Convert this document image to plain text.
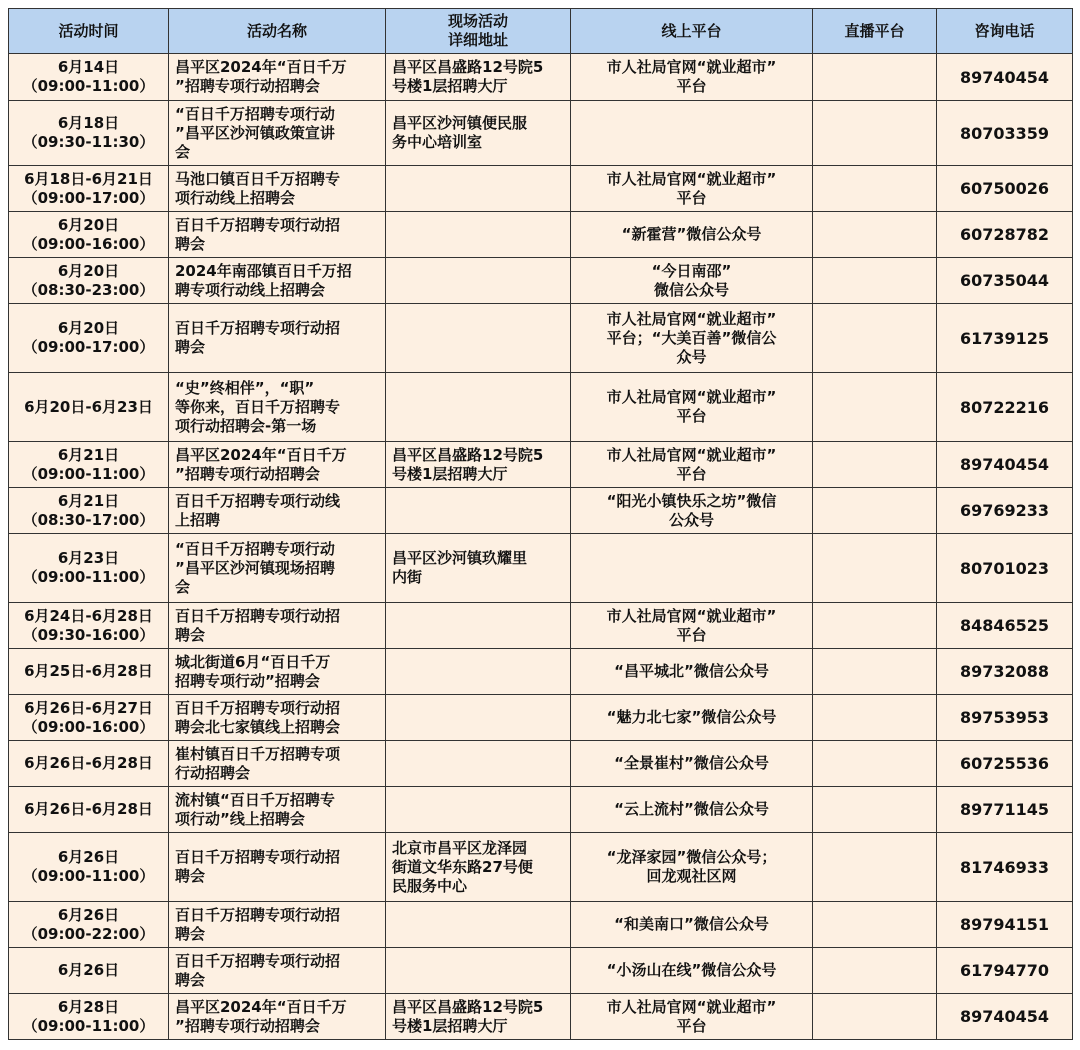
活动时间	活动名称	现场活动
详细地址	线上平台	直播平台	咨询电话

6月14日
（09:00-11:00）	昌平区2024年“百日千万
”招聘专项行动招聘会	昌平区昌盛路12号院5
号楼1层招聘大厅	市人社局官网“就业超市”
平台		89740454

6月18日
（09:30-11:30）	“百日千万招聘专项行动
”昌平区沙河镇政策宣讲
会	昌平区沙河镇便民服
务中心培训室			80703359

6月18日-6月21日
（09:00-17:00）	马池口镇百日千万招聘专
项行动线上招聘会		市人社局官网“就业超市”
平台		60750026

6月20日
（09:00-16:00）	百日千万招聘专项行动招
聘会		“新霍营”微信公众号		60728782

6月20日
（08:30-23:00）	2024年南邵镇百日千万招
聘专项行动线上招聘会		“今日南邵”
微信公众号		60735044

6月20日
（09:00-17:00）	百日千万招聘专项行动招
聘会		市人社局官网“就业超市”
平台；“大美百善”微信公
众号		61739125

6月20日-6月23日	“史”终相伴”，“职”
等你来，百日千万招聘专
项行动招聘会-第一场		市人社局官网“就业超市”
平台		80722216

6月21日
（09:00-11:00）	昌平区2024年“百日千万
”招聘专项行动招聘会	昌平区昌盛路12号院5
号楼1层招聘大厅	市人社局官网“就业超市”
平台		89740454

6月21日
（08:30-17:00）	百日千万招聘专项行动线
上招聘		“阳光小镇快乐之坊”微信
公众号		69769233

6月23日
（09:00-11:00）	“百日千万招聘专项行动
”昌平区沙河镇现场招聘
会	昌平区沙河镇玖耀里
内街			80701023

6月24日-6月28日
（09:30-16:00）	百日千万招聘专项行动招
聘会		市人社局官网“就业超市”
平台		84846525

6月25日-6月28日	城北街道6月“百日千万
招聘专项行动”招聘会		“昌平城北”微信公众号		89732088

6月26日-6月27日
（09:00-16:00）	百日千万招聘专项行动招
聘会北七家镇线上招聘会		“魅力北七家”微信公众号		89753953

6月26日-6月28日	崔村镇百日千万招聘专项
行动招聘会		“全景崔村”微信公众号		60725536

6月26日-6月28日	流村镇“百日千万招聘专
项行动”线上招聘会		“云上流村”微信公众号		89771145

6月26日
（09:00-11:00）	百日千万招聘专项行动招
聘会	北京市昌平区龙泽园
街道文华东路27号便
民服务中心	“龙泽家园”微信公众号；
回龙观社区网		81746933

6月26日
（09:00-22:00）	百日千万招聘专项行动招
聘会		“和美南口”微信公众号		89794151

6月26日	百日千万招聘专项行动招
聘会		“小汤山在线”微信公众号		61794770

6月28日
（09:00-11:00）	昌平区2024年“百日千万
”招聘专项行动招聘会	昌平区昌盛路12号院5
号楼1层招聘大厅	市人社局官网“就业超市”
平台		89740454
